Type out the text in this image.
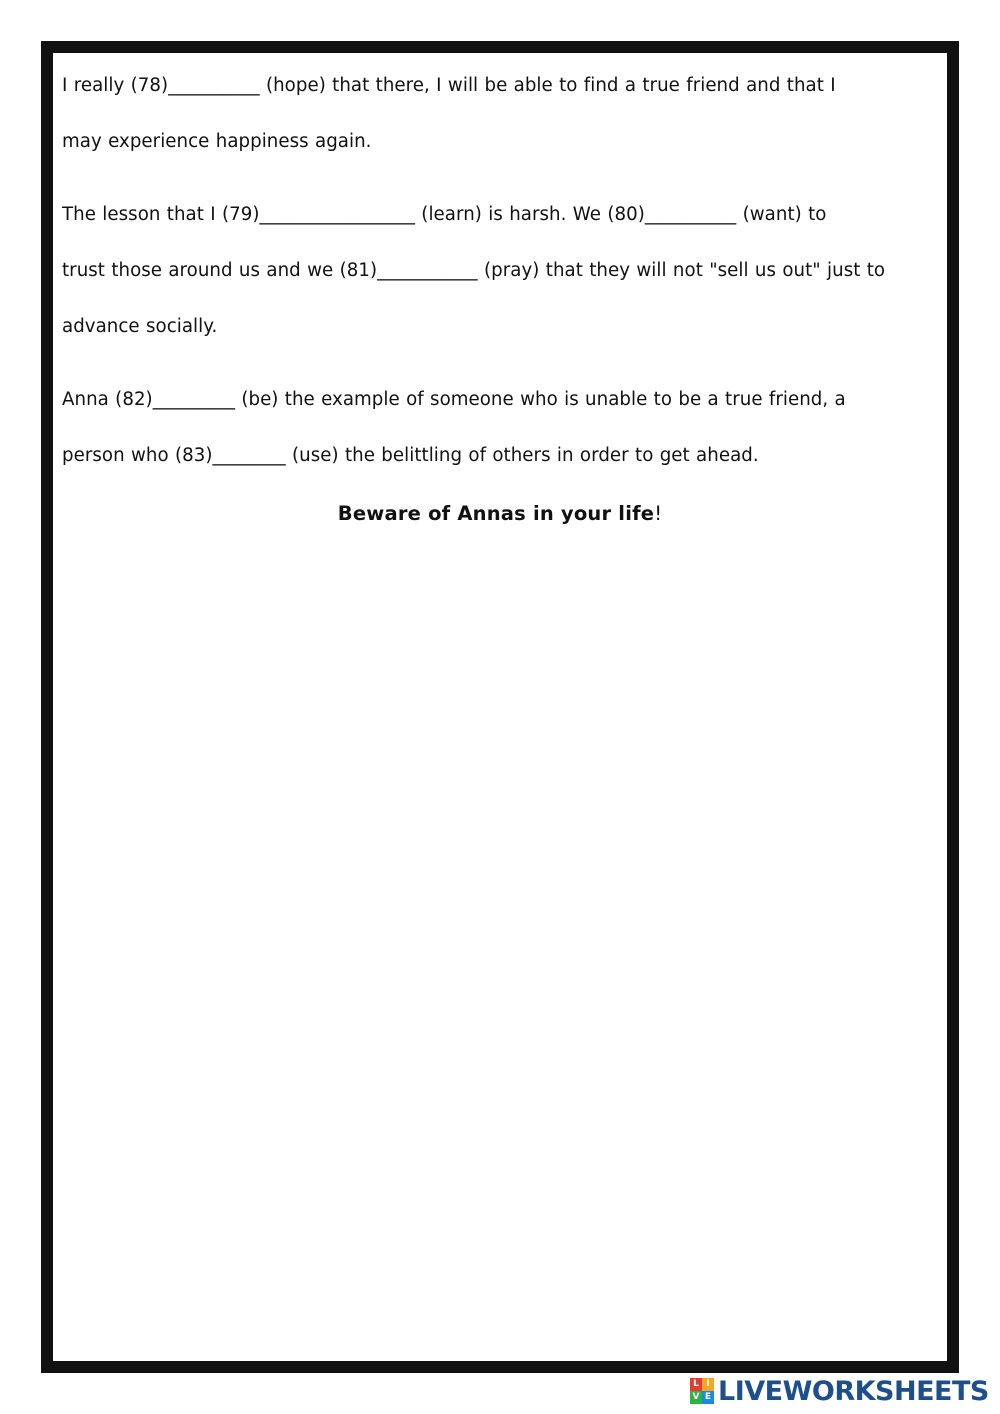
I really (78)__________ (hope) that there, I will be able to find a true friend and that I
may experience happiness again.

The lesson that I (79)_________________ (learn) is harsh. We (80)__________ (want) to
trust those around us and we (81)___________ (pray) that they will not "sell us out" just to
advance socially.

Anna (82)_________ (be) the example of someone who is unable to be a true friend, a
person who (83)________ (use) the belittling of others in order to get ahead.

Beware of Annas in your life!
L I
V E LIVEWORKSHEETS
